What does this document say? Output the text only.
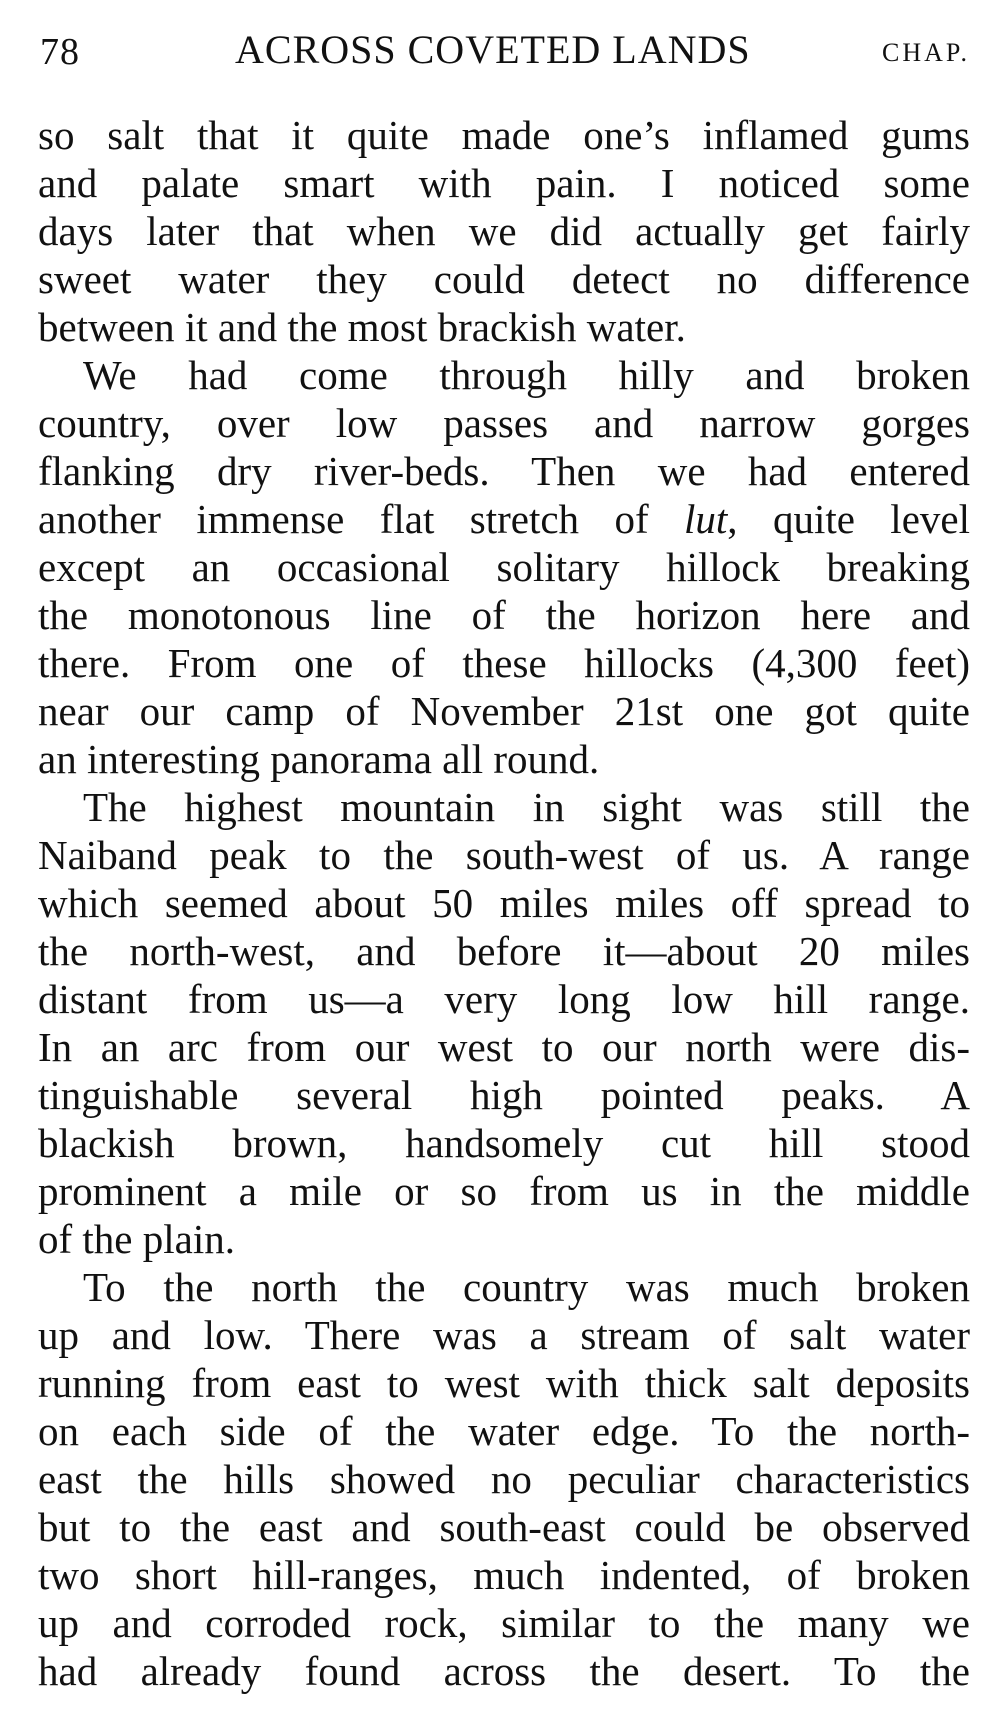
78	ACROSS COVETED LANDS	CHAP.
so salt that it quite made one’s inflamed gums
and palate smart with pain. I noticed some
days later that when we did actually get fairly
sweet water they could detect no difference
between it and the most brackish water.
We had come through hilly and broken
country, over low passes and narrow gorges
flanking dry river-beds. Then we had entered
another immense flat stretch of lut, quite level
except an occasional solitary hillock breaking
the monotonous line of the horizon here and
there. From one of these hillocks (4,300 feet)
near our camp of November 21st one got quite
an interesting panorama all round.
The highest mountain in sight was still the
Naiband peak to the south-west of us. A range
which seemed about 50 miles miles off spread to
the north-west, and before it—about 20 miles
distant from us—a very long low hill range.
In an arc from our west to our north were dis-
tinguishable several high pointed peaks. A
blackish brown, handsomely cut hill stood
prominent a mile or so from us in the middle
of the plain.
To the north the country was much broken
up and low. There was a stream of salt water
running from east to west with thick salt deposits
on each side of the water edge. To the north-
east the hills showed no peculiar characteristics
but to the east and south-east could be observed
two short hill-ranges, much indented, of broken
up and corroded rock, similar to the many we
had already found across the desert. To the
